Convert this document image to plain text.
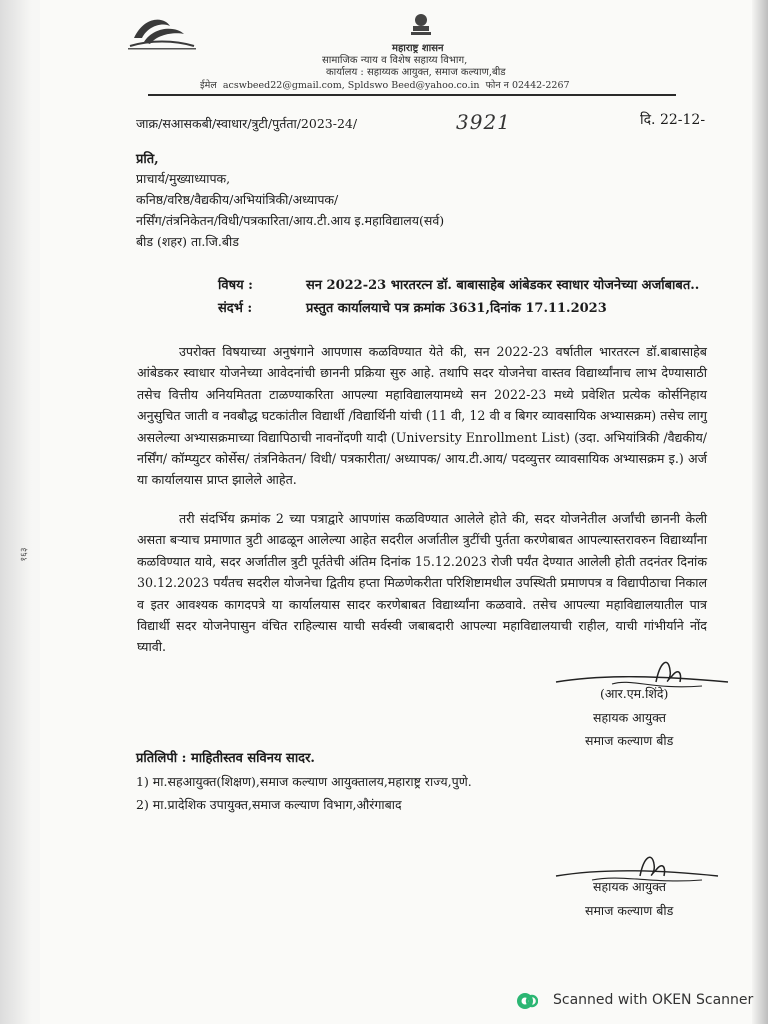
महाराष्ट्र शासन
सामाजिक न्याय व विशेष सहाय्य विभाग,
कार्यालय : सहाय्यक आयुक्त, समाज कल्याण,बीड
ईमेल acswbeed22@gmail.com, Spldswo Beed@yahoo.co.in फोन न 02442-2267
जाक्र/सआसकबी/स्वाधार/त्रुटी/पुर्तता/2023-24/	3921	दि. 22-12-
प्रति,
प्राचार्य/मुख्याध्यापक,
कनिष्ठ/वरिष्ठ/वैद्यकीय/अभियांत्रिकी/अध्यापक/
नर्सिंग/तंत्रनिकेतन/विधी/पत्रकारिता/आय.टी.आय इ.महाविद्यालय(सर्व)
बीड (शहर) ता.जि.बीड
विषय :	सन 2022-23 भारतरत्न डॉ. बाबासाहेब आंबेडकर स्वाधार योजनेच्या अर्जाबाबत..
संदर्भ :	प्रस्तुत कार्यालयाचे पत्र क्रमांक 3631,दिनांक 17.11.2023
उपरोक्त विषयाच्या अनुषंगाने आपणास कळविण्यात येते की, सन 2022-23 वर्षातील भारतरत्न डॉ.बाबासाहेब आंबेडकर स्वाधार योजनेच्या आवेदनांची छाननी प्रक्रिया सुरु आहे. तथापि सदर योजनेचा वास्तव विद्यार्थ्यांनाच लाभ देण्यासाठी तसेच वित्तीय अनियमितता टाळण्याकरिता आपल्या महाविद्यालयामध्ये सन 2022-23 मध्ये प्रवेशित प्रत्येक कोर्सनिहाय अनुसुचित जाती व नवबौद्ध घटकांतील विद्यार्थी /विद्यार्थिनी यांची (11 वी, 12 वी व बिगर व्यावसायिक अभ्यासक्रम) तसेच लागु असलेल्या अभ्यासक्रमाच्या विद्यापिठाची नावनोंदणी यादी (University Enrollment List) (उदा. अभियांत्रिकी /वैद्यकीय/ नर्सिंग/ कॉम्प्युटर कोर्सेस/ तंत्रनिकेतन/ विधी/ पत्रकारीता/ अध्यापक/ आय.टी.आय/ पदव्युत्तर व्यावसायिक अभ्यासक्रम इ.) अर्ज या कार्यालयास प्राप्त झालेले आहेत.
तरी संदर्भिय क्रमांक 2 च्या पत्राद्वारे आपणांस कळविण्यात आलेले होते की, सदर योजनेतील अर्जांची छाननी केली असता बऱ्याच प्रमाणात त्रुटी आढळून आलेल्या आहेत सदरील अर्जातील त्रुटींची पुर्तता करणेबाबत आपल्यास्तरावरुन विद्यार्थ्यांना कळविण्यात यावे, सदर अर्जातील त्रुटी पूर्ततेची अंतिम दिनांक 15.12.2023 रोजी पर्यंत देण्यात आलेली होती तदनंतर दिनांक 30.12.2023 पर्यंतच सदरील योजनेचा द्वितीय हप्ता मिळणेकरीता परिशिष्टामधील उपस्थिती प्रमाणपत्र व विद्यापीठाचा निकाल व इतर आवश्यक कागदपत्रे या कार्यालयास सादर करणेबाबत विद्यार्थ्यांना कळवावे. तसेच आपल्या महाविद्यालयातील पात्र विद्यार्थी सदर योजनेपासुन वंचित राहिल्यास याची सर्वस्वी जबाबदारी आपल्या महाविद्यालयाची राहील, याची गांभीर्याने नोंद घ्यावी.
(आर.एम.शिंदे)
सहायक आयुक्त
समाज कल्याण बीड
प्रतिलिपी : माहितीस्तव सविनय सादर.
1) मा.सहआयुक्त(शिक्षण),समाज कल्याण आयुक्तालय,महाराष्ट्र राज्य,पुणे.
2) मा.प्रादेशिक उपायुक्त,समाज कल्याण विभाग,औरंगाबाद
सहायक आयुक्त
समाज कल्याण बीड
१६३
Scanned with OKEN Scanner
